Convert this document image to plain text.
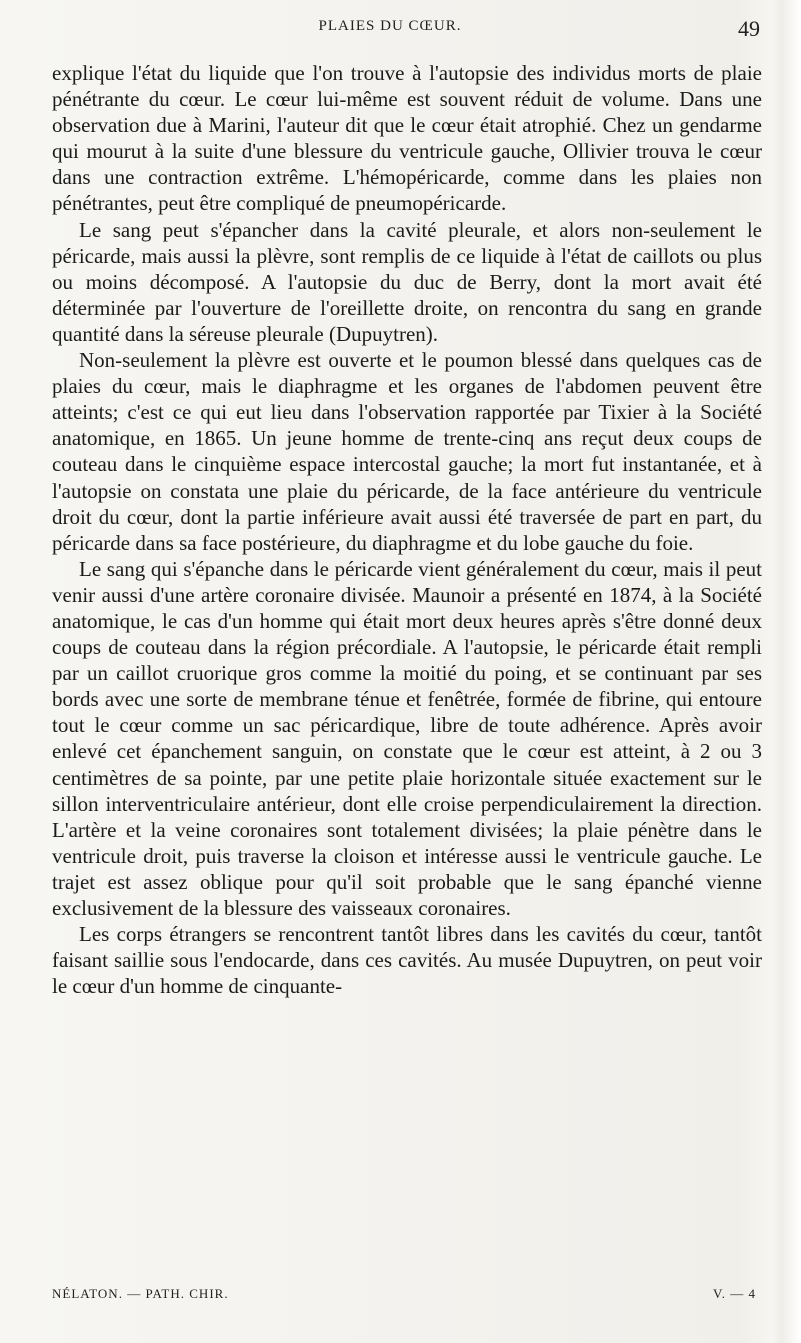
PLAIES DU CŒUR.	49

explique l'état du liquide que l'on trouve à l'autopsie des individus morts de plaie pénétrante du cœur. Le cœur lui-même est souvent réduit de volume. Dans une observation due à Marini, l'auteur dit que le cœur était atrophié. Chez un gendarme qui mourut à la suite d'une blessure du ventricule gauche, Ollivier trouva le cœur dans une contraction extrême. L'hémopéricarde, comme dans les plaies non pénétrantes, peut être compliqué de pneumopéricarde.

Le sang peut s'épancher dans la cavité pleurale, et alors non-seulement le péricarde, mais aussi la plèvre, sont remplis de ce liquide à l'état de caillots ou plus ou moins décomposé. A l'autopsie du duc de Berry, dont la mort avait été déterminée par l'ouverture de l'oreillette droite, on rencontra du sang en grande quantité dans la séreuse pleurale (Dupuytren).

Non-seulement la plèvre est ouverte et le poumon blessé dans quelques cas de plaies du cœur, mais le diaphragme et les organes de l'abdomen peuvent être atteints; c'est ce qui eut lieu dans l'observation rapportée par Tixier à la Société anatomique, en 1865. Un jeune homme de trente-cinq ans reçut deux coups de couteau dans le cinquième espace intercostal gauche; la mort fut instantanée, et à l'autopsie on constata une plaie du péricarde, de la face antérieure du ventricule droit du cœur, dont la partie inférieure avait aussi été traversée de part en part, du péricarde dans sa face postérieure, du diaphragme et du lobe gauche du foie.

Le sang qui s'épanche dans le péricarde vient généralement du cœur, mais il peut venir aussi d'une artère coronaire divisée. Maunoir a présenté en 1874, à la Société anatomique, le cas d'un homme qui était mort deux heures après s'être donné deux coups de couteau dans la région précordiale. A l'autopsie, le péricarde était rempli par un caillot cruorique gros comme la moitié du poing, et se continuant par ses bords avec une sorte de membrane ténue et fenêtrée, formée de fibrine, qui entoure tout le cœur comme un sac péricardique, libre de toute adhérence. Après avoir enlevé cet épanchement sanguin, on constate que le cœur est atteint, à 2 ou 3 centimètres de sa pointe, par une petite plaie horizontale située exactement sur le sillon interventriculaire antérieur, dont elle croise perpendiculairement la direction. L'artère et la veine coronaires sont totalement divisées; la plaie pénètre dans le ventricule droit, puis traverse la cloison et intéresse aussi le ventricule gauche. Le trajet est assez oblique pour qu'il soit probable que le sang épanché vienne exclusivement de la blessure des vaisseaux coronaires.

Les corps étrangers se rencontrent tantôt libres dans les cavités du cœur, tantôt faisant saillie sous l'endocarde, dans ces cavités. Au musée Dupuytren, on peut voir le cœur d'un homme de cinquante-

NÉLATON. — PATH. CHIR.	V. — 4
